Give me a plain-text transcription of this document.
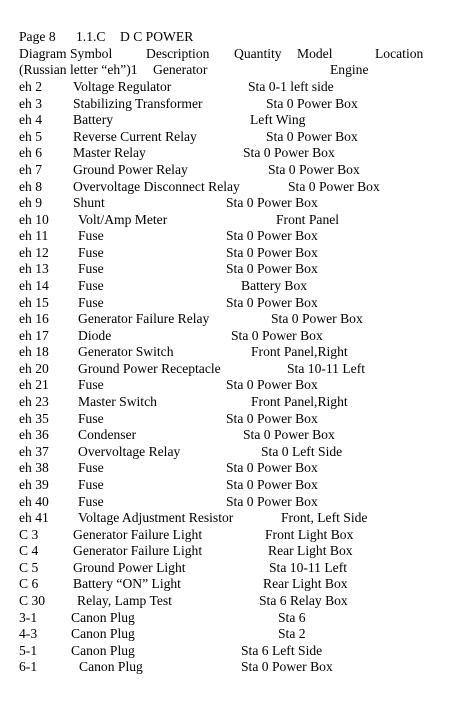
Page 8 1.1.C D C POWER
Diagram Symbol Description Quantity Model	Location
(Russian letter “eh”)1 Generator	Engine
eh 2 Voltage Regulator	Sta 0-1 left side
eh 3 Stabilizing Transformer	Sta 0 Power Box
eh 4 Battery	Left Wing
eh 5 Reverse Current Relay	Sta 0 Power Box
eh 6 Master Relay	Sta 0 Power Box
eh 7 Ground Power Relay	Sta 0 Power Box
eh 8 Overvoltage Disconnect Relay	Sta 0 Power Box
eh 9 Shunt	Sta 0 Power Box
eh 10 Volt/Amp Meter	Front Panel
eh 11 Fuse	Sta 0 Power Box
eh 12 Fuse	Sta 0 Power Box
eh 13 Fuse	Sta 0 Power Box
eh 14 Fuse	Battery Box
eh 15 Fuse	Sta 0 Power Box
eh 16 Generator Failure Relay	Sta 0 Power Box
eh 17 Diode	Sta 0 Power Box
eh 18 Generator Switch	Front Panel,Right
eh 20 Ground Power Receptacle	Sta 10-11 Left
eh 21 Fuse	Sta 0 Power Box
eh 23 Master Switch	Front Panel,Right
eh 35 Fuse	Sta 0 Power Box
eh 36 Condenser	Sta 0 Power Box
eh 37 Overvoltage Relay	Sta 0 Left Side
eh 38 Fuse	Sta 0 Power Box
eh 39 Fuse	Sta 0 Power Box
eh 40 Fuse	Sta 0 Power Box
eh 41 Voltage Adjustment Resistor	Front, Left Side
C 3	Generator Failure Light	Front Light Box
C 4	Generator Failure Light	Rear Light Box
C 5	Ground Power Light	Sta 10-11 Left
C 6	Battery “ON” Light	Rear Light Box
C 30 Relay, Lamp Test	Sta 6 Relay Box
3-1 Canon Plug	Sta 6
4-3 Canon Plug	Sta 2
5-1 Canon Plug	Sta 6 Left Side
6-1	Canon Plug	Sta 0 Power Box
